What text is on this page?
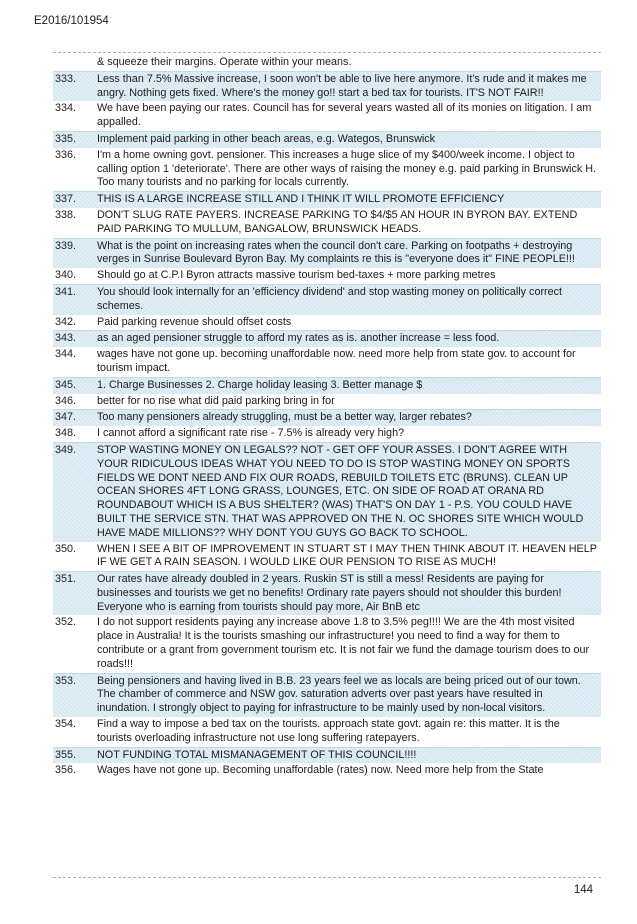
E2016/101954
& squeeze their margins. Operate within your means.
333.	Less than 7.5% Massive increase, I soon won't be able to live here anymore. It's rude and it makes me angry. Nothing gets fixed. Where's the money go!! start a bed tax for tourists. IT'S NOT FAIR!!
334.	We have been paying our rates. Council has for several years wasted all of its monies on litigation. I am appalled.
335.	Implement paid parking in other beach areas, e.g. Wategos, Brunswick
336.	I'm a home owning govt. pensioner. This increases a huge slice of my $400/week income. I object to calling option 1 'deteriorate'. There are other ways of raising the money e.g. paid parking in Brunswick H. Too many tourists and no parking for locals currently.
337.	THIS IS A LARGE INCREASE STILL AND I THINK IT WILL PROMOTE EFFICIENCY
338.	DON'T SLUG RATE PAYERS. INCREASE PARKING TO $4/$5 AN HOUR IN BYRON BAY. EXTEND PAID PARKING TO MULLUM, BANGALOW, BRUNSWICK HEADS.
339.	What is the point on increasing rates when the council don't care. Parking on footpaths + destroying verges in Sunrise Boulevard Byron Bay. My complaints re this is "everyone does it" FINE PEOPLE!!!
340.	Should go at C.P.I Byron attracts massive tourism bed-taxes + more parking metres
341.	You should look internally for an 'efficiency dividend' and stop wasting money on politically correct schemes.
342.	Paid parking revenue should offset costs
343.	as an aged pensioner struggle to afford my rates as is. another increase = less food.
344.	wages have not gone up. becoming unaffordable now. need more help from state gov. to account for tourism impact.
345.	1. Charge Businesses 2. Charge holiday leasing 3. Better manage $
346.	better for no rise what did paid parking bring in for
347.	Too many pensioners already struggling, must be a better way, larger rebates?
348.	I cannot afford a significant rate rise - 7.5% is already very high?
349.	STOP WASTING MONEY ON LEGALS?? NOT - GET OFF YOUR ASSES. I DON'T AGREE WITH YOUR RIDICULOUS IDEAS WHAT YOU NEED TO DO IS STOP WASTING MONEY ON SPORTS FIELDS WE DONT NEED AND FIX OUR ROADS, REBUILD TOILETS ETC (BRUNS). CLEAN UP OCEAN SHORES 4FT LONG GRASS, LOUNGES, ETC. ON SIDE OF ROAD AT ORANA RD ROUNDABOUT WHICH IS A BUS SHELTER? (WAS) THAT'S ON DAY 1 - P.S. YOU COULD HAVE BUILT THE SERVICE STN. THAT WAS APPROVED ON THE N. OC SHORES SITE WHICH WOULD HAVE MADE MILLIONS?? WHY DONT YOU GUYS GO BACK TO SCHOOL.
350.	WHEN I SEE A BIT OF IMPROVEMENT IN STUART ST I MAY THEN THINK ABOUT IT. HEAVEN HELP IF WE GET A RAIN SEASON. I WOULD LIKE OUR PENSION TO RISE AS MUCH!
351.	Our rates have already doubled in 2 years. Ruskin ST is still a mess! Residents are paying for businesses and tourists we get no benefits! Ordinary rate payers should not shoulder this burden! Everyone who is earning from tourists should pay more, Air BnB etc
352.	I do not support residents paying any increase above 1.8 to 3.5% peg!!!! We are the 4th most visited place in Australia! It is the tourists smashing our infrastructure! you need to find a way for them to contribute or a grant from government tourism etc. It is not fair we fund the damage tourism does to our roads!!!
353.	Being pensioners and having lived in B.B. 23 years feel we as locals are being priced out of our town. The chamber of commerce and NSW gov. saturation adverts over past years have resulted in inundation. I strongly object to paying for infrastructure to be mainly used by non-local visitors.
354.	Find a way to impose a bed tax on the tourists. approach state govt. again re: this matter. It is the tourists overloading infrastructure not use long suffering ratepayers.
355.	NOT FUNDING TOTAL MISMANAGEMENT OF THIS COUNCIL!!!!
356.	Wages have not gone up. Becoming unaffordable (rates) now. Need more help from the State
144
